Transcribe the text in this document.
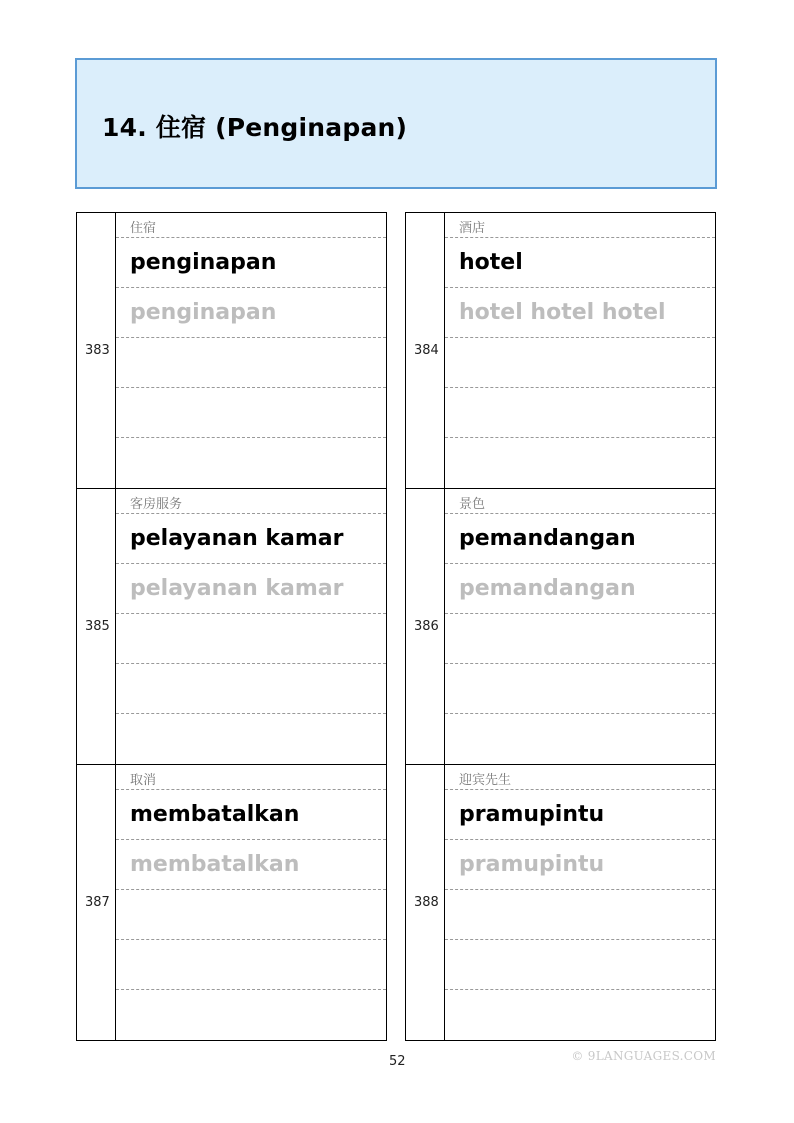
14. 住宿 (Penginapan)
383
住宿
penginapan
penginapan
384
酒店
hotel
hotel hotel hotel
385
客房服务
pelayanan kamar
pelayanan kamar
386
景色
pemandangan
pemandangan
387
取消
membatalkan
membatalkan
388
迎宾先生
pramupintu
pramupintu
52	© 9LANGUAGES.COM
